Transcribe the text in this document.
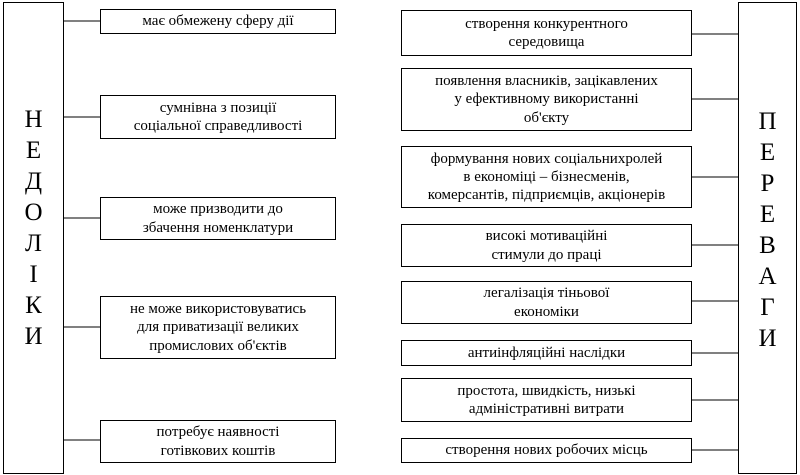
Н
Е
Д
О
Л
І
К
И
П
Е
Р
Е
В
А
Г
И
має обмежену сферу дії
сумнівна з позиції
соціальної справедливості
може призводити до
збачення номенклатури
не може використовуватись
для приватизації великих
промислових об'єктів
потребує наявності
готівкових коштів
створення конкурентного
середовища
появлення власників, зацікавлених
у ефективному використанні
об'єкту
формування нових соціальнихролей
в економіці – бізнесменів,
комерсантів, підприємців, акціонерів
високі мотиваційні
стимули до праці
легалізація тіньової
економіки
антиінфляційні наслідки
простота, швидкість, низькі
адміністративні витрати
створення нових робочих місць
